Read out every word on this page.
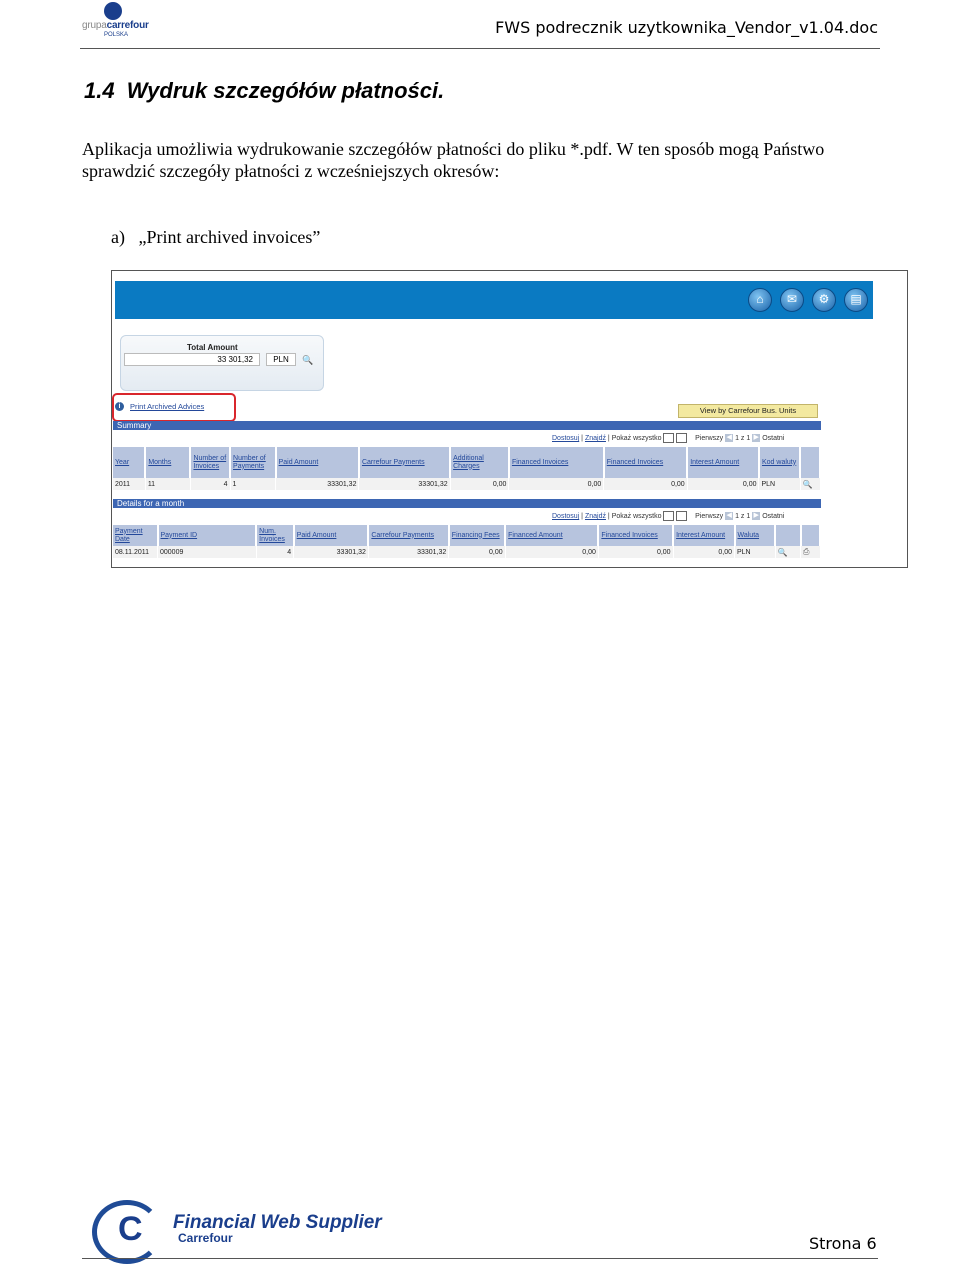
grupacarrefour
POLSKA	FWS podrecznik uzytkownika_Vendor_v1.04.doc
1.4  Wydruk szczegółów płatności.
Aplikacja umożliwia wydrukowanie szczegółów płatności do pliku *.pdf. W ten sposób mogą Państwo sprawdzić szczegóły płatności z wcześniejszych okresów:
a)   „Print archived invoices”
⌂	✉	⚙	▤
Total Amount
33 301,32	PLN	🔍
i	Print Archived Advices	View by Carrefour Bus. Units
Summary
Dostosuj | Znajdź | Pokaż wszystko	Pierwszy ◀ 1 z 1 ▶ Ostatni
Year	Months	Number of Invoices	Number of Payments	Paid Amount	Carrefour Payments	Additional Charges	Financed Invoices	Financed Invoices	Interest Amount	Kod waluty	
2011	11	4	1	33301,32	33301,32	0,00	0,00	0,00	0,00	PLN	🔍
Details for a month
Dostosuj | Znajdź | Pokaż wszystko	Pierwszy ◀ 1 z 1 ▶ Ostatni
Payment Date	Payment ID	Num. Invoices	Paid Amount	Carrefour Payments	Financing Fees	Financed Amount	Financed Invoices	Interest Amount	Waluta		
08.11.2011	000009	4	33301,32	33301,32	0,00	0,00	0,00	0,00	PLN	🔍	⎙
C Financial Web Supplier
Carrefour	Strona 6
